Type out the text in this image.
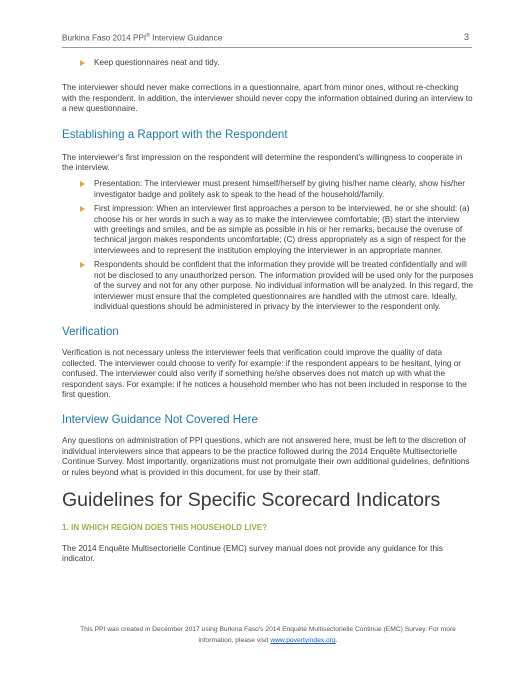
Burkina Faso 2014 PPI® Interview Guidance	3
Keep questionnaires neat and tidy.

The interviewer should never make corrections in a questionnaire, apart from minor ones, without re-checking with the respondent. In addition, the interviewer should never copy the information obtained during an interview to a new questionnaire.

Establishing a Rapport with the Respondent

The interviewer's first impression on the respondent will determine the respondent's willingness to cooperate in the interview.

Presentation: The interviewer must present himself/herself by giving his/her name clearly, show his/her investigator badge and politely ask to speak to the head of the household/family.
First impression: When an interviewer first approaches a person to be interviewed, he or she should: (a) choose his or her words in such a way as to make the interviewee comfortable; (B) start the interview with greetings and smiles, and be as simple as possible in his or her remarks, because the overuse of technical jargon makes respondents uncomfortable; (C) dress appropriately as a sign of respect for the interviewees and to represent the institution employing the interviewer in an appropriate manner.
Respondents should be confident that the information they provide will be treated confidentially and will not be disclosed to any unauthorized person. The information provided will be used only for the purposes of the survey and not for any other purpose. No individual information will be analyzed. In this regard, the interviewer must ensure that the completed questionnaires are handled with the utmost care. Ideally, individual questions should be administered in privacy by the interviewer to the respondent only.
Verification

Verification is not necessary unless the interviewer feels that verification could improve the quality of data collected. The interviewer could choose to verify for example: if the respondent appears to be hesitant, lying or confused. The interviewer could also verify if something he/she observes does not match up with what the respondent says. For example: if he notices a household member who has not been included in response to the first question.

Interview Guidance Not Covered Here

Any questions on administration of PPI questions, which are not answered here, must be left to the discretion of individual interviewers since that appears to be the practice followed during the 2014 Enquête Multisectorielle Continue Survey. Most importantly, organizations must not promulgate their own additional guidelines, definitions or rules beyond what is provided in this document, for use by their staff.

Guidelines for Specific Scorecard Indicators
1. IN WHICH REGION DOES THIS HOUSEHOLD LIVE?

The 2014 Enquête Multisectorielle Continue (EMC) survey manual does not provide any guidance for this indicator.

This PPI was created in December 2017 using Burkina Faso's 2014 Enquête Multisectorielle Continue (EMC) Survey. For more information, please visit www.povertyindex.org.
